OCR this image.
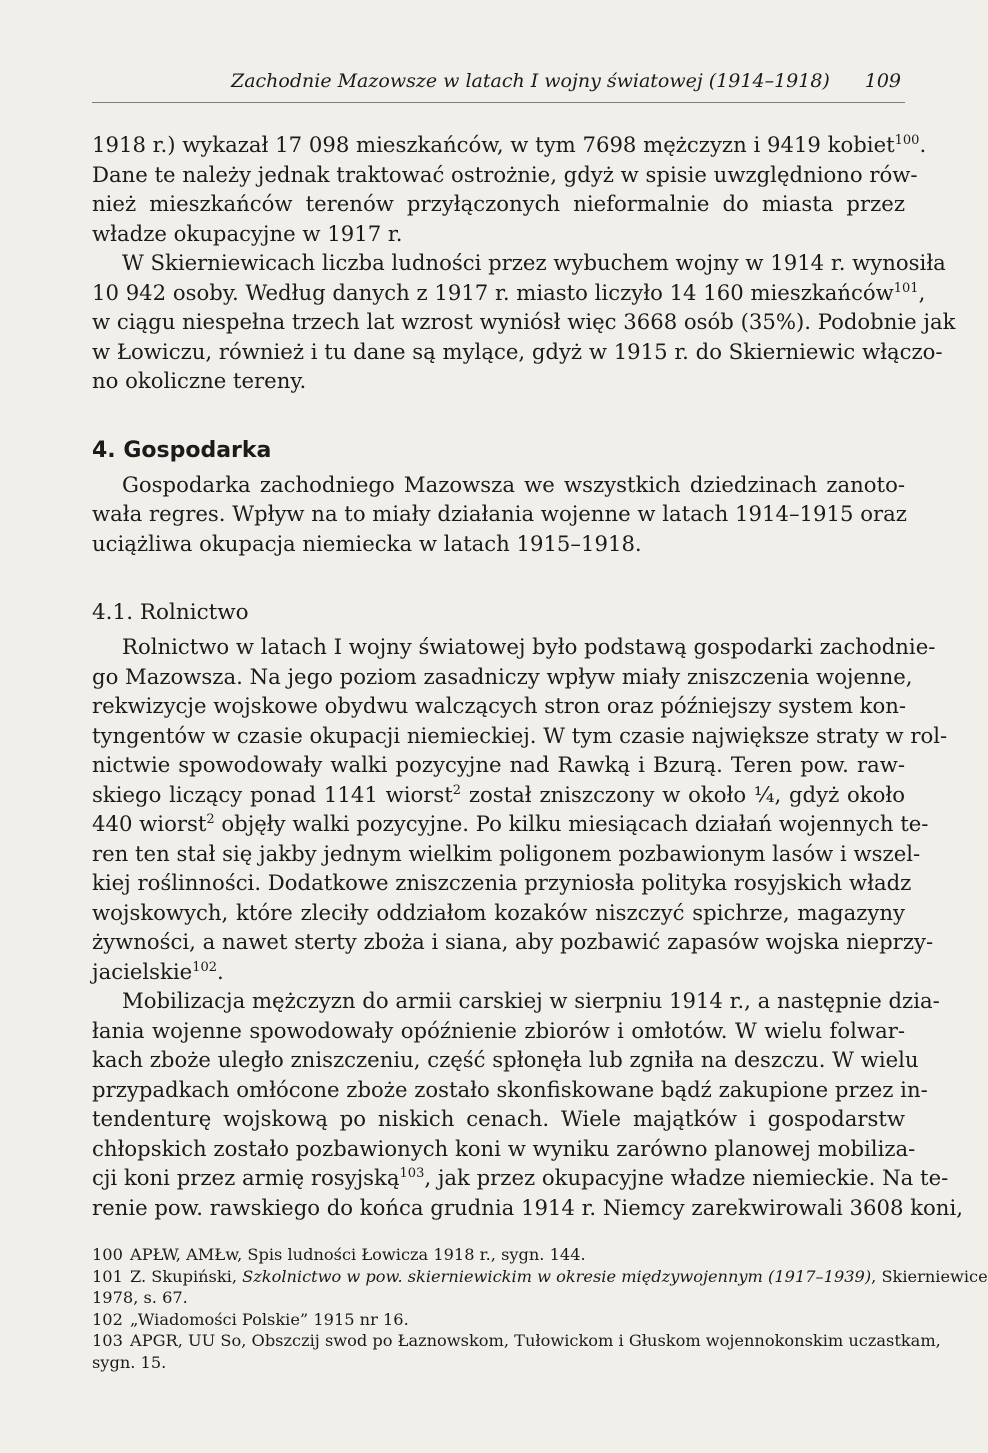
Zachodnie Mazowsze w latach I wojny światowej (1914–1918) 109

1918 r.) wykazał 17 098 mieszkańców, w tym 7698 mężczyzn i 9419 kobiet$^{100}$.
Dane te należy jednak traktować ostrożnie, gdyż w spisie uwzględniono rów-
nież mieszkańców terenów przyłączonych nieformalnie do miasta przez
władze okupacyjne w 1917 r.

W Skierniewicach liczba ludności przez wybuchem wojny w 1914 r. wynosiła
10 942 osoby. Według danych z 1917 r. miasto liczyło 14 160 mieszkańców$^{101}$,
w ciągu niespełna trzech lat wzrost wyniósł więc 3668 osób (35%). Podobnie jak
w Łowiczu, również i tu dane są mylące, gdyż w 1915 r. do Skierniewic włączo-
no okoliczne tereny.

4. Gospodarka

Gospodarka zachodniego Mazowsza we wszystkich dziedzinach zanoto-
wała regres. Wpływ na to miały działania wojenne w latach 1914–1915 oraz
uciążliwa okupacja niemiecka w latach 1915–1918.

4.1. Rolnictwo

Rolnictwo w latach I wojny światowej było podstawą gospodarki zachodnie-
go Mazowsza. Na jego poziom zasadniczy wpływ miały zniszczenia wojenne,
rekwizycje wojskowe obydwu walczących stron oraz późniejszy system kon-
tyngentów w czasie okupacji niemieckiej. W tym czasie największe straty w rol-
nictwie spowodowały walki pozycyjne nad Rawką i Bzurą. Teren pow. raw-
skiego liczący ponad 1141 wiorst$^2$ został zniszczony w około ¼, gdyż około
440 wiorst$^2$ objęły walki pozycyjne. Po kilku miesiącach działań wojennych te-
ren ten stał się jakby jednym wielkim poligonem pozbawionym lasów i wszel-
kiej roślinności. Dodatkowe zniszczenia przyniosła polityka rosyjskich władz
wojskowych, które zleciły oddziałom kozaków niszczyć spichrze, magazyny
żywności, a nawet sterty zboża i siana, aby pozbawić zapasów wojska nieprzy-
jacielskie$^{102}$.

Mobilizacja mężczyzn do armii carskiej w sierpniu 1914 r., a następnie dzia-
łania wojenne spowodowały opóźnienie zbiorów i omłotów. W wielu folwar-
kach zboże uległo zniszczeniu, część spłonęła lub zgniła na deszczu. W wielu
przypadkach omłócone zboże zostało skonfiskowane bądź zakupione przez in-
tendenturę wojskową po niskich cenach. Wiele majątków i gospodarstw
chłopskich zostało pozbawionych koni w wyniku zarówno planowej mobiliza-
cji koni przez armię rosyjską$^{103}$, jak przez okupacyjne władze niemieckie. Na te-
renie pow. rawskiego do końca grudnia 1914 r. Niemcy zarekwirowali 3608 koni,

100 APŁW, AMŁw, Spis ludności Łowicza 1918 r., sygn. 144.

101 Z. Skupiński, Szkolnictwo w pow. skierniewickim w okresie międzywojennym (1917–1939), Skierniewice
1978, s. 67.

102 „Wiadomości Polskie” 1915 nr 16.

103 APGR, UU So, Obszczij swod po Łaznowskom, Tułowickom i Głuskom wojennokonskim uczastkam,
sygn. 15.
